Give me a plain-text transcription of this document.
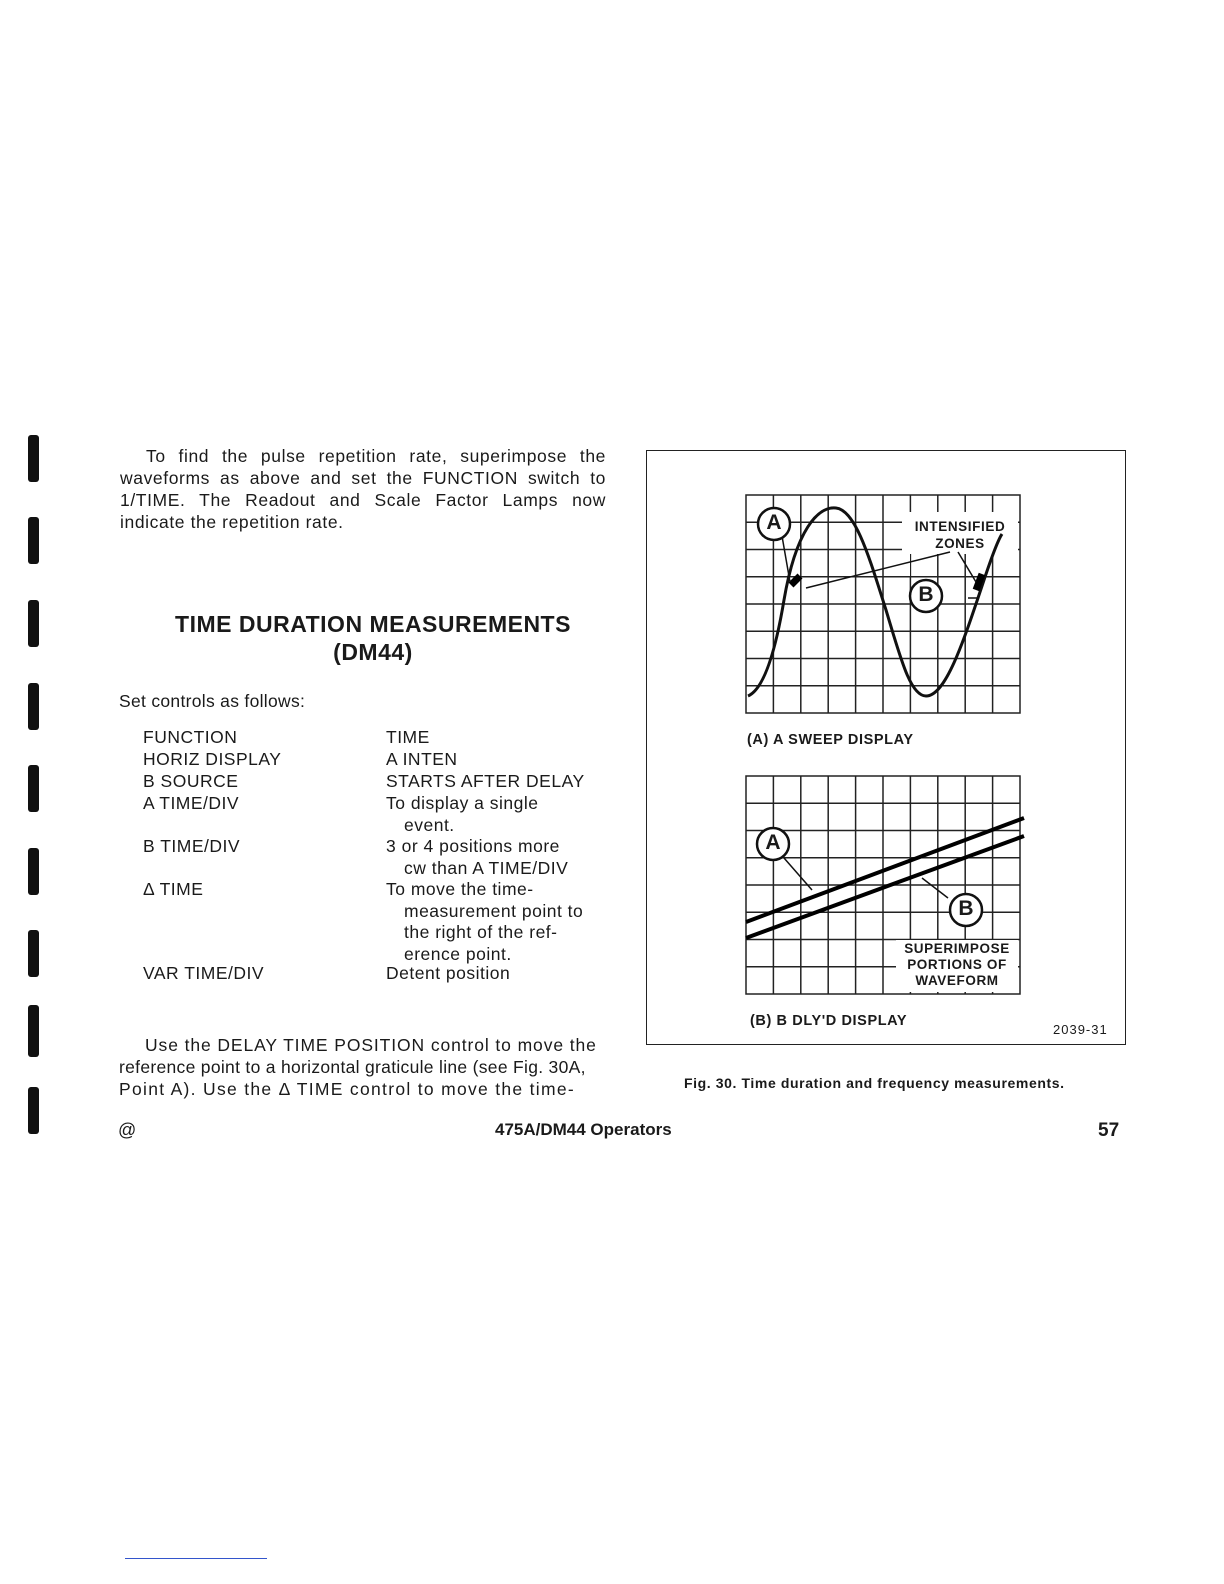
To find the pulse repetition rate, superimpose the waveforms as above and set the FUNCTION switch to 1/TIME. The Readout and Scale Factor Lamps now indicate the repetition rate.
TIME DURATION MEASUREMENTS
(DM44)
Set controls as follows:
FUNCTION	TIME
HORIZ DISPLAY	A INTEN
B SOURCE	STARTS AFTER DELAY
A TIME/DIV	To display a single
event.
B TIME/DIV	3 or 4 positions more
cw than A TIME/DIV
Δ TIME	To move the time-
measurement point to
the right of the ref-
erence point.
VAR TIME/DIV	Detent position
Use the DELAY TIME POSITION control to move the
reference point to a horizontal graticule line (see Fig. 30A,
Point A). Use the Δ TIME control to move the time-
A
B
INTENSIFIED
ZONES
(A) A SWEEP DISPLAY
A
B
SUPERIMPOSE
PORTIONS OF
WAVEFORM
(B) B DLY'D DISPLAY
2039-31
Fig. 30. Time duration and frequency measurements.
@	475A/DM44 Operators	57
